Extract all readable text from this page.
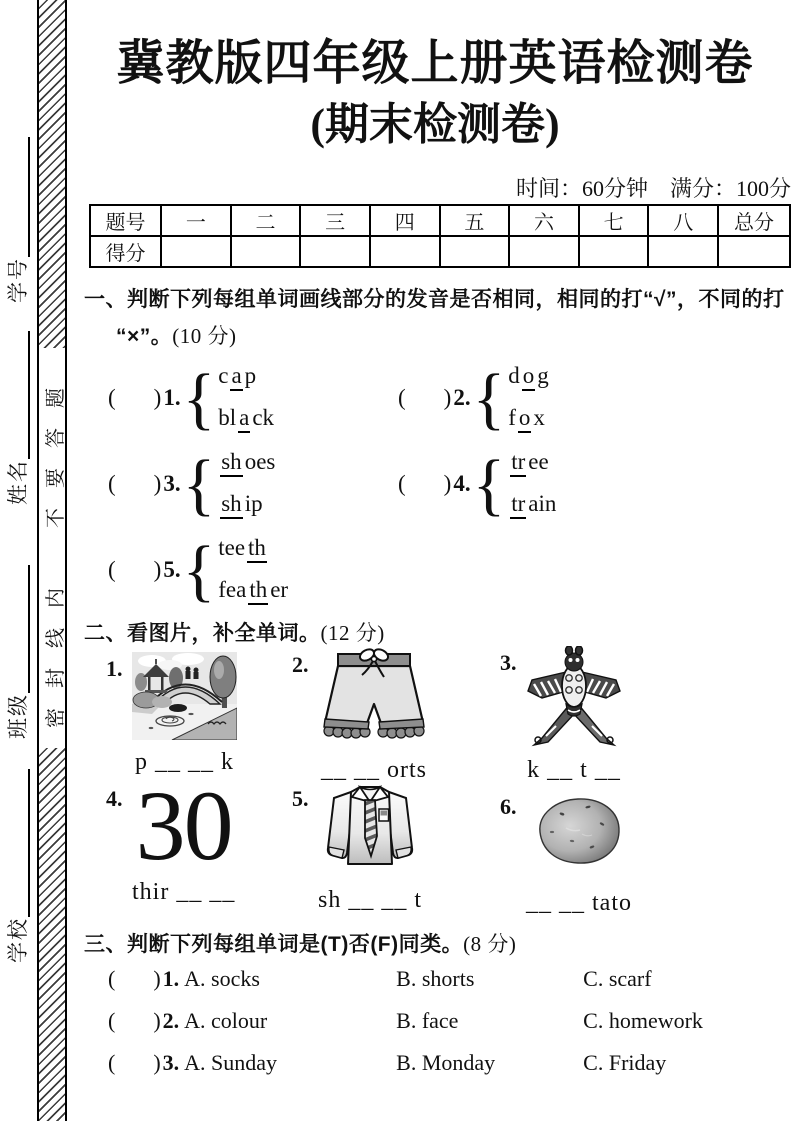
学校
班级
姓名
学号
密封线内　不要答题
冀教版四年级上册英语检测卷
(期末检测卷)
时间：60分钟　满分：100分
题号	一	二	三	四	五	六	七	八	总分
得分									
一、判断下列每组单词画线部分的发音是否相同，相同的打“√”，不同的打
“×”。(10 分)
( ) 1. { c a p
bl a ck
( ) 2. { d o g
f o x
( ) 3. { sh oes
sh ip
( ) 4. { tr ee
tr ain
( ) 5. { tee th
fea th er
二、看图片，补全单词。(12 分)
1.
p __ __ k
2.
__ __ orts
3.
k __ t __
4. 30
thir __ __
5.
sh __ __ t
6.
__ __ tato
三、判断下列每组单词是(T)否(F)同类。(8 分)
( ) 1. A. socks	B. shorts	C. scarf
( ) 2. A. colour	B. face	C. homework
( ) 3. A. Sunday	B. Monday	C. Friday
